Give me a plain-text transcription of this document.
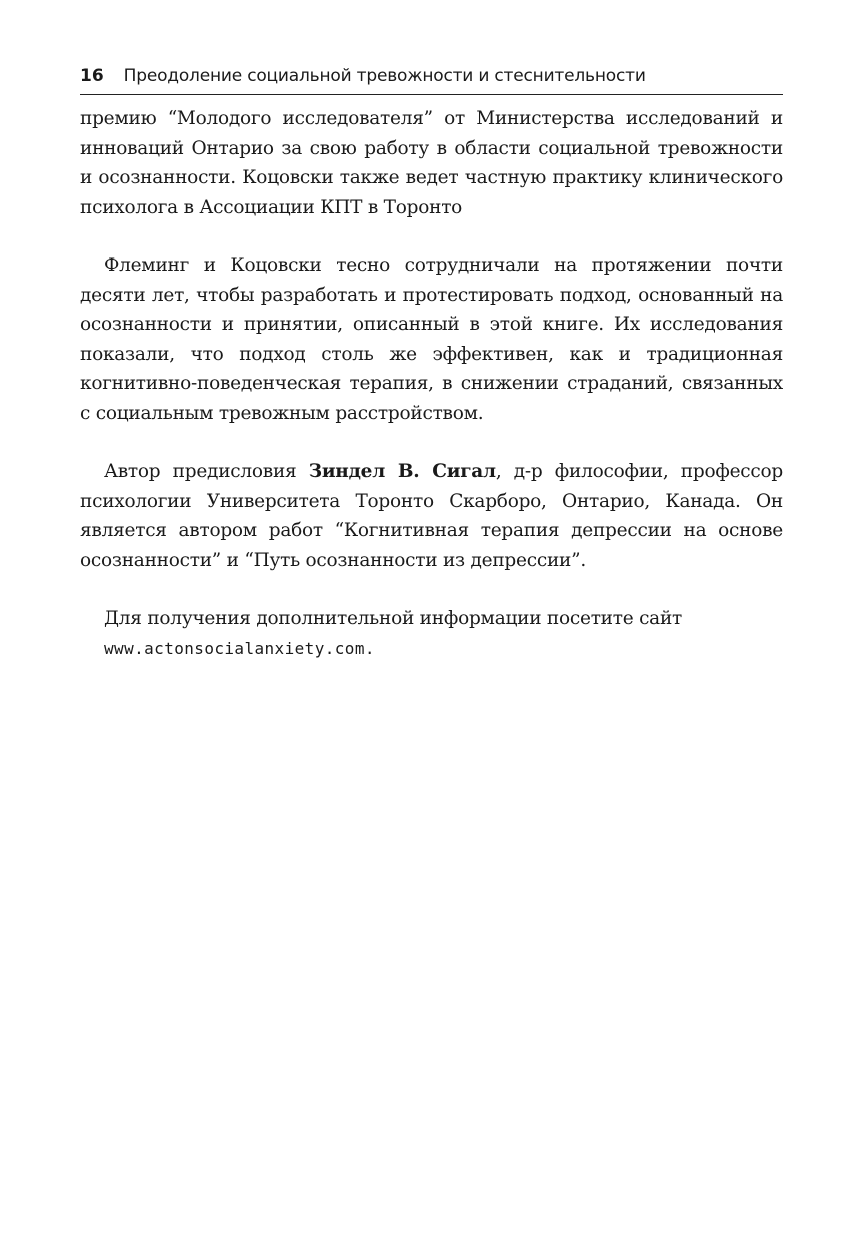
16 Преодоление социальной тревожности и стеснительности

премию “Молодого исследователя” от Министерства исследований и инноваций Онтарио за свою работу в области социальной тревожности и осознанности. Коцовски также ведет частную практику клинического психолога в Ассоциации КПТ в Торонто

Флеминг и Коцовски тесно сотрудничали на протяжении почти десяти лет, чтобы разработать и протестировать подход, основанный на осознанности и принятии, описанный в этой книге. Их исследования показали, что подход столь же эффективен, как и традиционная когнитивно-поведенческая терапия, в снижении страданий, связанных с социальным тревожным расстройством.

Автор предисловия Зиндел В. Сигал, д-р философии, профессор психологии Университета Торонто Скарборо, Онтарио, Канада. Он является автором работ “Когнитивная терапия депрессии на основе осознанности” и “Путь осознанности из депрессии”.

Для получения дополнительной информации посетите сайт

www.actonsocialanxiety.com.
